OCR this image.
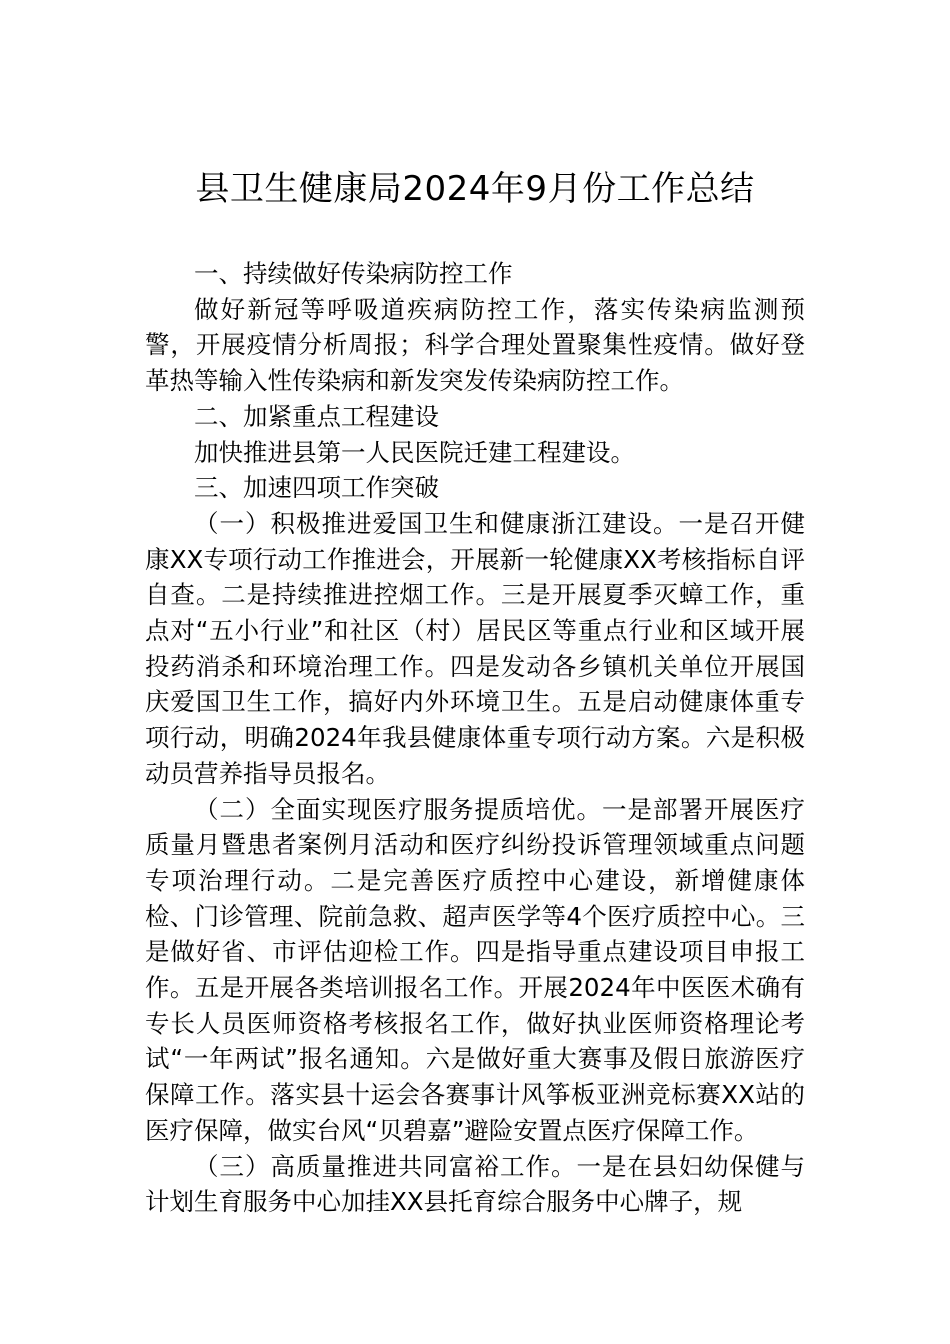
县卫生健康局2024年9月份工作总结

一、持续做好传染病防控工作

做好新冠等呼吸道疾病防控工作，落实传染病监测预警，开展疫情分析周报；科学合理处置聚集性疫情。做好登革热等输入性传染病和新发突发传染病防控工作。

二、加紧重点工程建设

加快推进县第一人民医院迁建工程建设。

三、加速四项工作突破

（一）积极推进爱国卫生和健康浙江建设。一是召开健康XX专项行动工作推进会，开展新一轮健康XX考核指标自评自查。二是持续推进控烟工作。三是开展夏季灭蟑工作，重点对“五小行业”和社区（村）居民区等重点行业和区域开展投药消杀和环境治理工作。四是发动各乡镇机关单位开展国庆爱国卫生工作，搞好内外环境卫生。五是启动健康体重专项行动，明确2024年我县健康体重专项行动方案。六是积极动员营养指导员报名。

（二）全面实现医疗服务提质培优。一是部署开展医疗质量月暨患者案例月活动和医疗纠纷投诉管理领域重点问题专项治理行动。二是完善医疗质控中心建设，新增健康体检、门诊管理、院前急救、超声医学等4个医疗质控中心。三是做好省、市评估迎检工作。四是指导重点建设项目申报工作。五是开展各类培训报名工作。开展2024年中医医术确有专长人员医师资格考核报名工作，做好执业医师资格理论考试“一年两试”报名通知。六是做好重大赛事及假日旅游医疗保障工作。落实县十运会各赛事计风筝板亚洲竞标赛XX站的医疗保障，做实台风“贝碧嘉”避险安置点医疗保障工作。

（三）高质量推进共同富裕工作。一是在县妇幼保健与计划生育服务中心加挂XX县托育综合服务中心牌子，规
